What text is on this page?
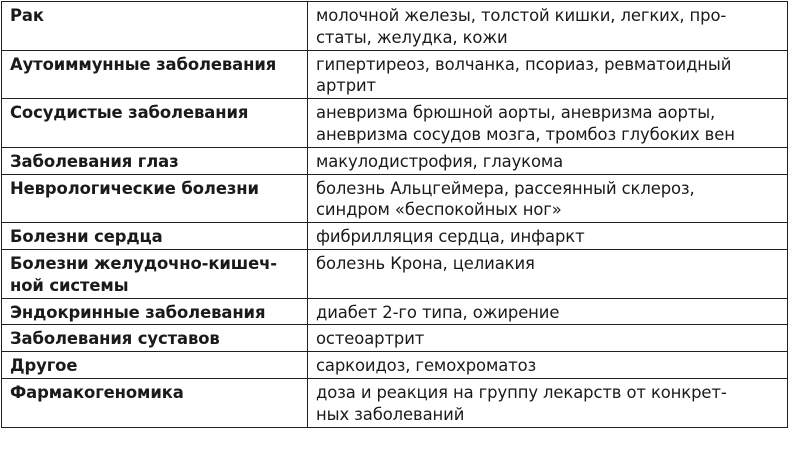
Рак	молочной железы, толстой кишки, легких, про-
статы, желудка, кожи

Аутоиммунные заболевания	гипертиреоз, волчанка, псориаз, ревматоидный
артрит

Сосудистые заболевания	аневризма брюшной аорты, аневризма аорты,
аневризма сосудов мозга, тромбоз глубоких вен

Заболевания глаз	макулодистрофия, глаукома

Неврологические болезни	болезнь Альцгеймера, рассеянный склероз,
синдром «беспокойных ног»

Болезни сердца	фибрилляция сердца, инфаркт

Болезни желудочно-кишеч-
ной системы	болезнь Крона, целиакия

Эндокринные заболевания	диабет 2-го типа, ожирение

Заболевания суставов	остеоартрит

Другое	саркоидоз, гемохроматоз

Фармакогеномика	доза и реакция на группу лекарств от конкрет-
ных заболеваний
